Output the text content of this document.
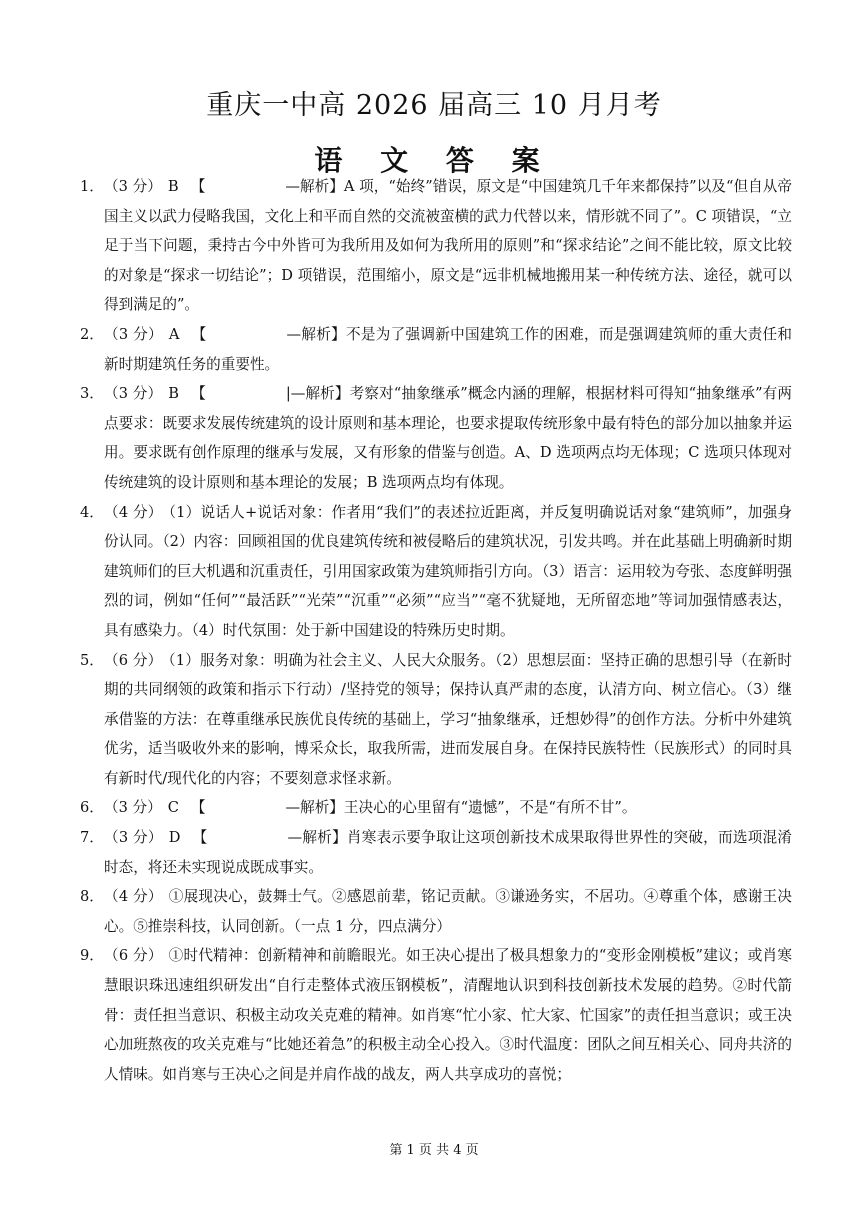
重庆一中高 2026 届高三 10 月月考
语 文 答 案
1． （3 分） B 【	—解析】A 项，“始终”错误，原文是“中国建筑几千年来都保持”以及“但自从帝国主义以武力侵略我国，文化上和平而自然的交流被蛮横的武力代替以来，情形就不同了”。C 项错误，“立足于当下问题，秉持古今中外皆可为我所用及如何为我所用的原则”和“探求结论”之间不能比较，原文比较的对象是“探求一切结论”；D 项错误，范围缩小，原文是“远非机械地搬用某一种传统方法、途径，就可以得到满足的”。
2． （3 分） A 【	—解析】不是为了强调新中国建筑工作的困难，而是强调建筑师的重大责任和新时期建筑任务的重要性。
3． （3 分） B 【	|—解析】考察对“抽象继承”概念内涵的理解，根据材料可得知“抽象继承”有两点要求：既要求发展传统建筑的设计原则和基本理论，也要求提取传统形象中最有特色的部分加以抽象并运用。要求既有创作原理的继承与发展，又有形象的借鉴与创造。A、D 选项两点均无体现；C 选项只体现对传统建筑的设计原则和基本理论的发展；B 选项两点均有体现。
4． （4 分） （1）说话人+说话对象：作者用“我们”的表述拉近距离，并反复明确说话对象“建筑师”，加强身份认同。（2）内容：回顾祖国的优良建筑传统和被侵略后的建筑状况，引发共鸣。并在此基础上明确新时期建筑师们的巨大机遇和沉重责任，引用国家政策为建筑师指引方向。（3）语言：运用较为夸张、态度鲜明强烈的词，例如“任何”“最活跃”“光荣”“沉重”“必须”“应当”“毫不犹疑地，无所留恋地”等词加强情感表达，具有感染力。（4）时代氛围：处于新中国建设的特殊历史时期。
5． （6 分） （1）服务对象：明确为社会主义、人民大众服务。（2）思想层面：坚持正确的思想引导（在新时期的共同纲领的政策和指示下行动）/坚持党的领导；保持认真严肃的态度，认清方向、树立信心。（3）继承借鉴的方法：在尊重继承民族优良传统的基础上，学习“抽象继承，迁想妙得”的创作方法。分析中外建筑优劣，适当吸收外来的影响，博采众长，取我所需，进而发展自身。在保持民族特性（民族形式）的同时具有新时代/现代化的内容；不要刻意求怪求新。
6． （3 分） C 【	—解析】王决心的心里留有“遗憾”，不是“有所不甘”。
7． （3 分） D 【	—解析】肖寒表示要争取让这项创新技术成果取得世界性的突破，而选项混淆时态，将还未实现说成既成事实。
8． （4 分） ①展现决心，鼓舞士气。②感恩前辈，铭记贡献。③谦逊务实，不居功。④尊重个体，感谢王决心。⑤推崇科技，认同创新。（一点 1 分，四点满分）
9． （6 分） ①时代精神：创新精神和前瞻眼光。如王决心提出了极具想象力的“变形金刚模板”建议；或肖寒慧眼识珠迅速组织研发出“自行走整体式液压钢模板”，清醒地认识到科技创新技术发展的趋势。②时代箭骨：责任担当意识、积极主动攻关克难的精神。如肖寒“忙小家、忙大家、忙国家”的责任担当意识；或王决心加班熬夜的攻关克难与“比她还着急”的积极主动全心投入。③时代温度：团队之间互相关心、同舟共济的人情味。如肖寒与王决心之间是并肩作战的战友，两人共享成功的喜悦；
第 1 页 共 4 页
